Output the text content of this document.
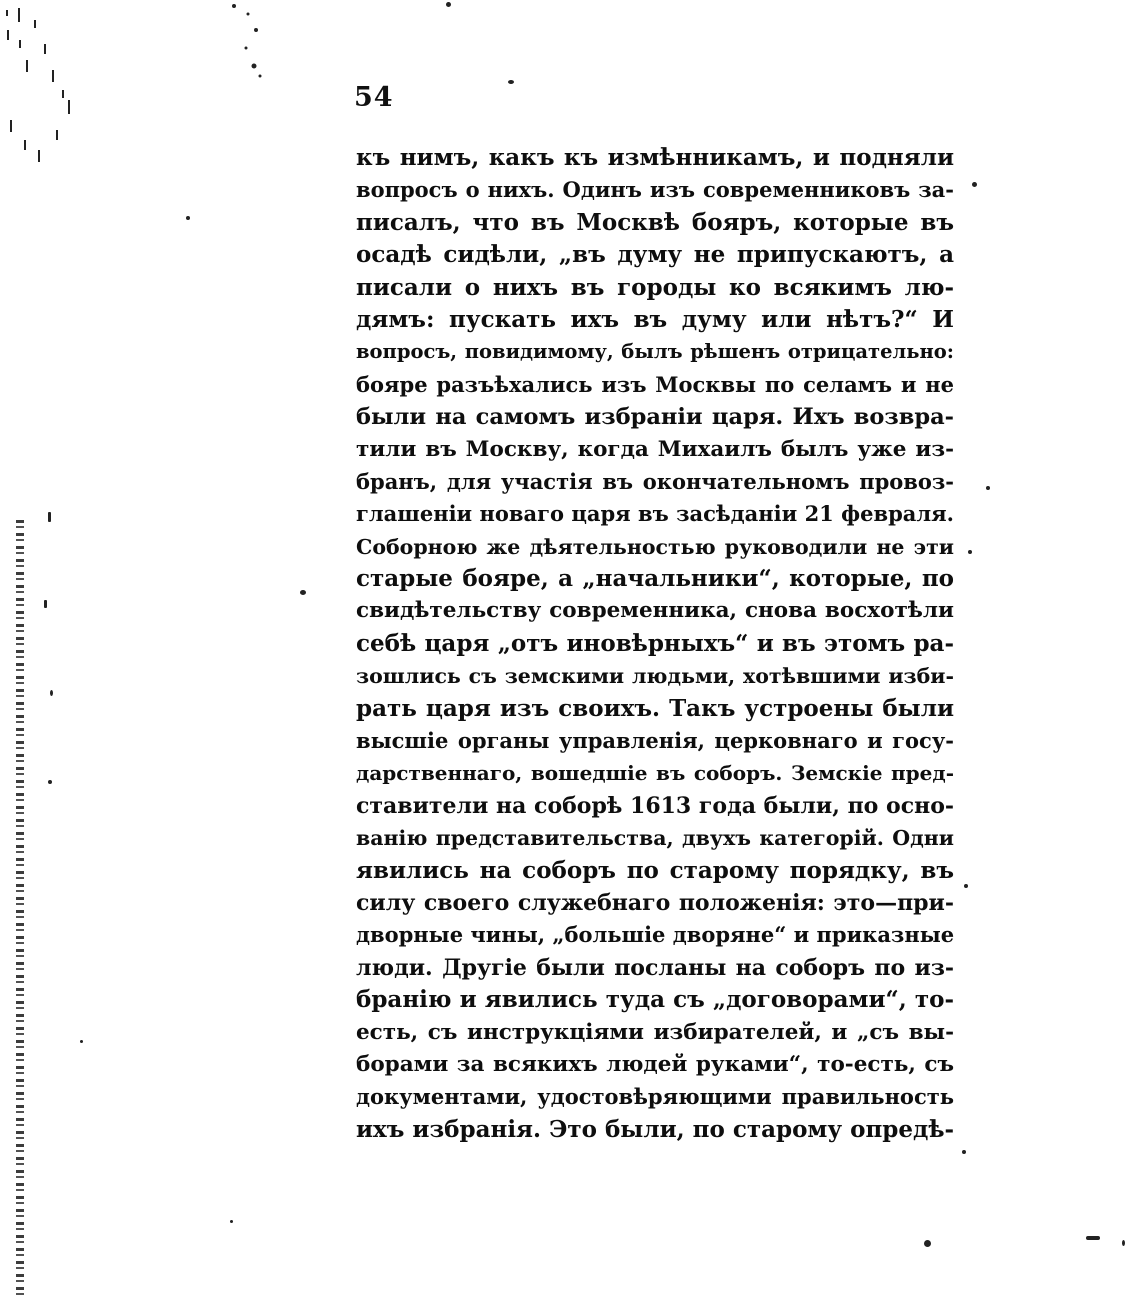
54
къ нимъ, какъ къ измѣнникамъ, и подняли
вопросъ о нихъ. Одинъ изъ современниковъ за-
писалъ, что въ Москвѣ бояръ, которые въ
осадѣ сидѣли, „въ думу не припускаютъ, а
писали о нихъ въ городы ко всякимъ лю-
дямъ: пускать ихъ въ думу или нѣтъ?“ И
вопросъ, повидимому, былъ рѣшенъ отрицательно:
бояре разъѣхались изъ Москвы по селамъ и не
были на самомъ избраніи царя. Ихъ возвра-
тили въ Москву, когда Михаилъ былъ уже из-
бранъ, для участія въ окончательномъ провоз-
глашеніи новаго царя въ засѣданіи 21 февраля.
Соборною же дѣятельностью руководили не эти
старые бояре, а „начальники“, которые, по
свидѣтельству современника, снова восхотѣли
себѣ царя „отъ иновѣрныхъ“ и въ этомъ ра-
зошлись съ земскими людьми, хотѣвшими изби-
рать царя изъ своихъ. Такъ устроены были
высшіе органы управленія, церковнаго и госу-
дарственнаго, вошедшіе въ соборъ. Земскіе пред-
ставители на соборѣ 1613 года были, по осно-
ванію представительства, двухъ категорій. Одни
явились на соборъ по старому порядку, въ
силу своего служебнаго положенія: это—при-
дворные чины, „большіе дворяне“ и приказные
люди. Другіе были посланы на соборъ по из-
бранію и явились туда съ „договорами“, то-
есть, съ инструкціями избирателей, и „съ вы-
борами за всякихъ людей руками“, то-есть, съ
документами, удостовѣряющими правильность
ихъ избранія. Это были, по старому опредѣ-
